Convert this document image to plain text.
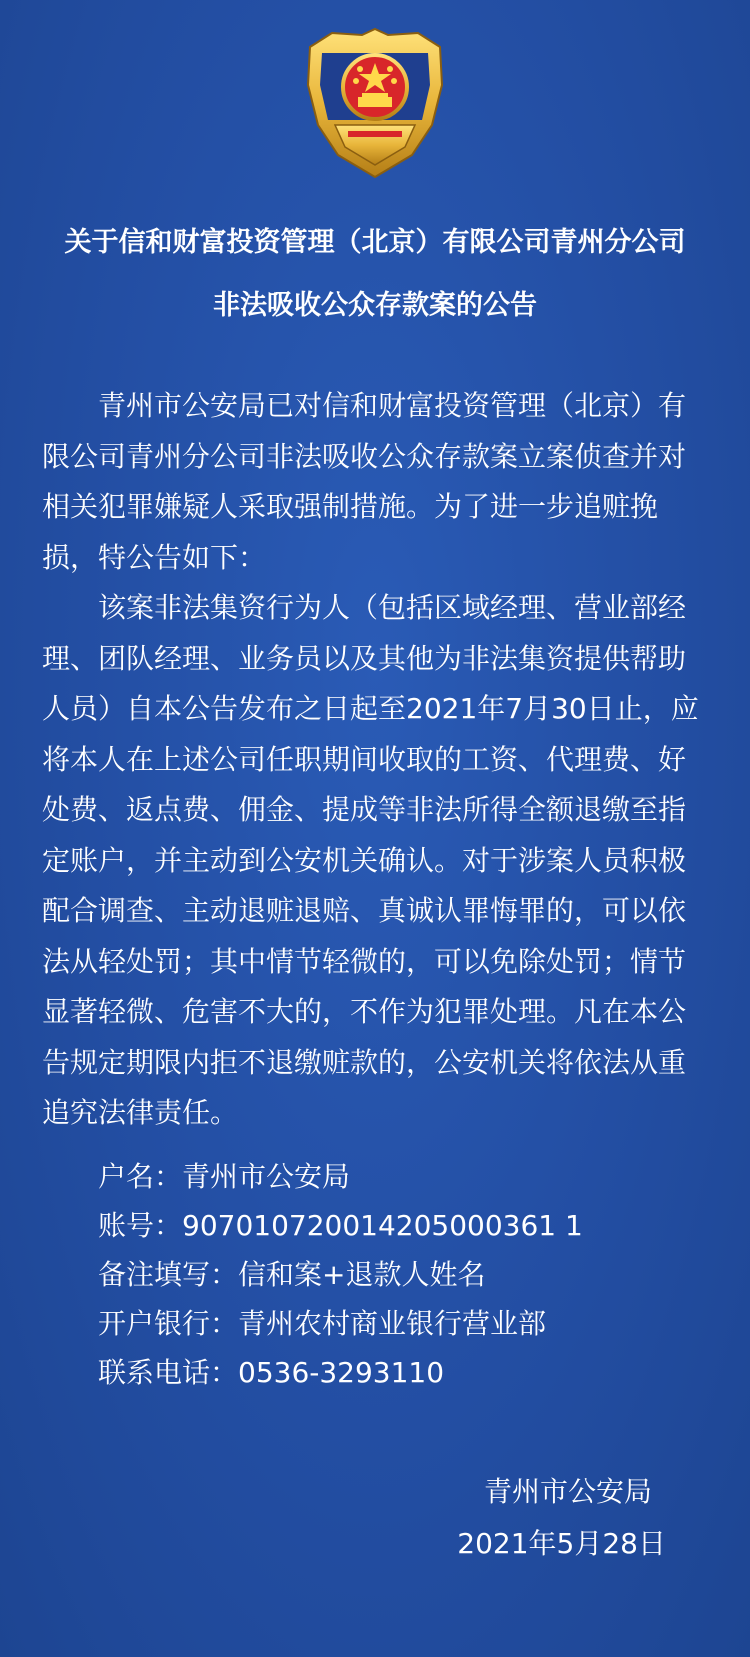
关于信和财富投资管理（北京）有限公司青州分公司
非法吸收公众存款案的公告

青州市公安局已对信和财富投资管理（北京）有限公司青州分公司非法吸收公众存款案立案侦查并对相关犯罪嫌疑人采取强制措施。为了进一步追赃挽损，特公告如下：

该案非法集资行为人（包括区域经理、营业部经理、团队经理、业务员以及其他为非法集资提供帮助人员）自本公告发布之日起至2021年7月30日止，应将本人在上述公司任职期间收取的工资、代理费、好处费、返点费、佣金、提成等非法所得全额退缴至指定账户，并主动到公安机关确认。对于涉案人员积极配合调查、主动退赃退赔、真诚认罪悔罪的，可以依法从轻处罚；其中情节轻微的，可以免除处罚；情节显著轻微、危害不大的，不作为犯罪处理。凡在本公告规定期限内拒不退缴赃款的，公安机关将依法从重追究法律责任。

户名：青州市公安局
账号：907010720014205000361 1
备注填写：信和案+退款人姓名
开户银行：青州农村商业银行营业部
联系电话：0536-3293110
青州市公安局
2021年5月28日
